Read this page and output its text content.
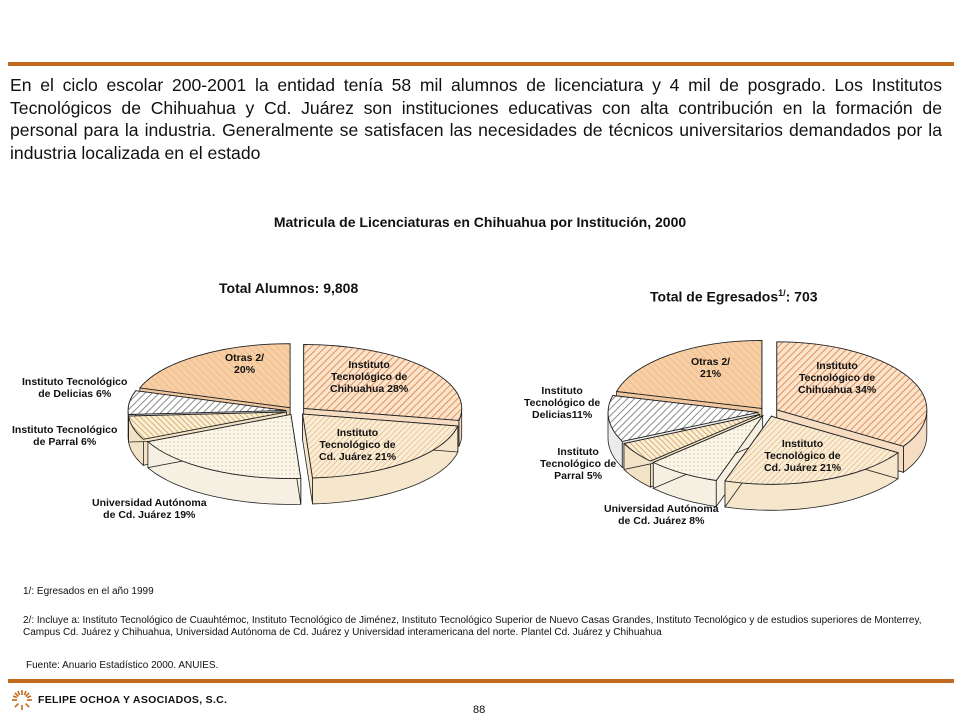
En el ciclo escolar 200-2001 la entidad tenía 58 mil alumnos de licenciatura y 4 mil de posgrado. Los Institutos Tecnológicos de Chihuahua y Cd. Juárez son instituciones educativas con alta contribución en la formación de personal para la industria. Generalmente se satisfacen las necesidades de técnicos universitarios demandados por la industria localizada en el estado

Matricula de Licenciaturas en Chihuahua por Institución, 2000
Total Alumnos: 9,808
Total de Egresados$^{1/}$: 703
Instituto
Tecnológico de
Chihuahua 28%
Instituto
Tecnológico de
Cd. Juárez 21%
Universidad Autónoma
de Cd. Juárez 19%
Instituto Tecnológico
de Parral 6%
Instituto Tecnológico
de Delicias 6%
Otras 2/
20%	Instituto
Tecnológico de
Chihuahua 34%
Instituto
Tecnológico de
Cd. Juárez 21%
Universidad Autónoma
de Cd. Juárez 8%
Instituto
Tecnológico de
Parral 5%
Instituto
Tecnológico de
Delicias11%
Otras 2/
21%
1/: Egresados en el año 1999
2/: Incluye a: Instituto Tecnológico de Cuauhtémoc, Instituto Tecnológico de Jiménez, Instituto Tecnológico Superior de Nuevo Casas Grandes, Instituto Tecnológico y de estudios superiores de Monterrey, Campus Cd. Juárez y Chihuahua, Universidad Autónoma de Cd. Juárez y Universidad interamericana del norte. Plantel Cd. Juárez y Chihuahua
Fuente: Anuario Estadístico 2000. ANUIES.
FELIPE OCHOA Y ASOCIADOS, S.C.
88
